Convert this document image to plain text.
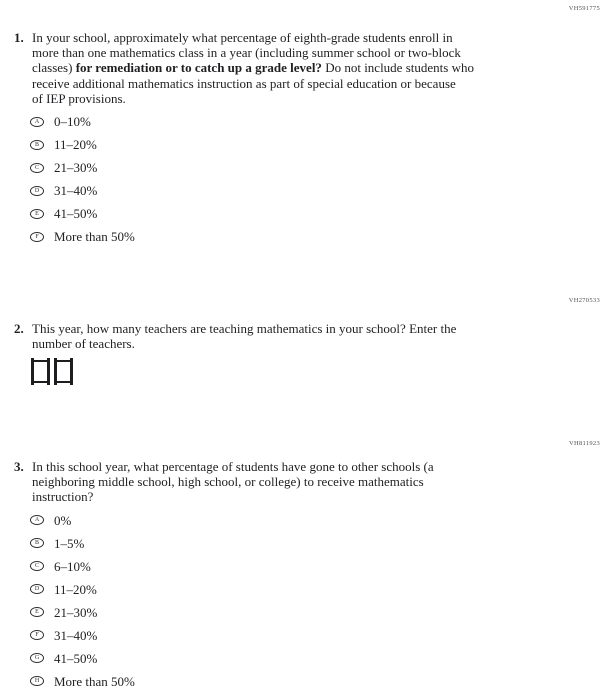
VH591775
1. In your school, approximately what percentage of eighth-grade students enroll in
more than one mathematics class in a year (including summer school or two-block
classes) for remediation or to catch up a grade level? Do not include students who
receive additional mathematics instruction as part of special education or because
of IEP provisions.
A 0–10%
B 11–20%
C 21–30%
D 31–40%
E 41–50%
F More than 50%
VH270533
2. This year, how many teachers are teaching mathematics in your school? Enter the
number of teachers.
VH811923
3. In this school year, what percentage of students have gone to other schools (a
neighboring middle school, high school, or college) to receive mathematics
instruction?
A 0%
B 1–5%
C 6–10%
D 11–20%
E 21–30%
F 31–40%
G 41–50%
H More than 50%
